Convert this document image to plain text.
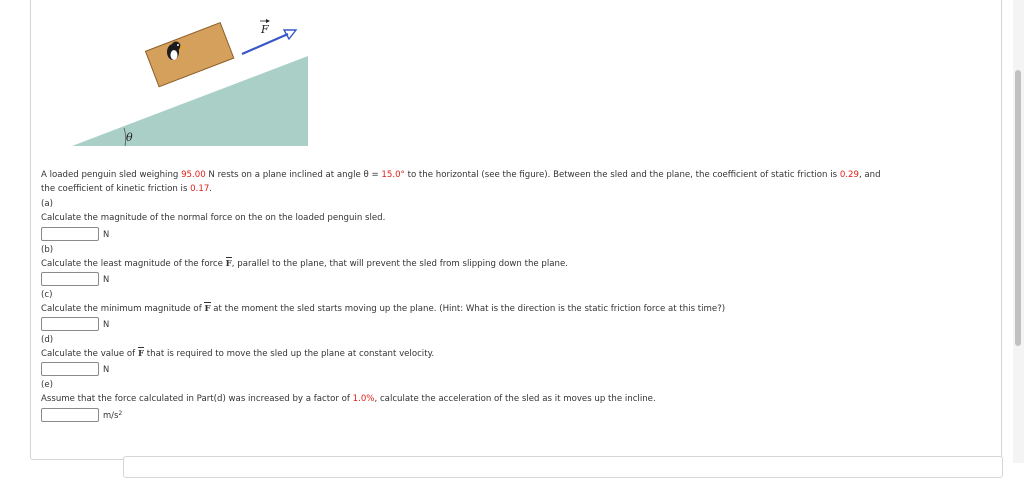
θ
F
A loaded penguin sled weighing 95.00 N rests on a plane inclined at angle θ = 15.0° to the horizontal (see the figure). Between the sled and the plane, the coefficient of static friction is 0.29, and
the coefficient of kinetic friction is 0.17.
(a)
Calculate the magnitude of the normal force on the on the loaded penguin sled.
N
(b)
Calculate the least magnitude of the force F, parallel to the plane, that will prevent the sled from slipping down the plane.
N
(c)
Calculate the minimum magnitude of F at the moment the sled starts moving up the plane. (Hint: What is the direction is the static friction force at this time?)
N
(d)
Calculate the value of F that is required to move the sled up the plane at constant velocity.
N
(e)
Assume that the force calculated in Part(d) was increased by a factor of 1.0%, calculate the acceleration of the sled as it moves up the incline.
$m/s^2$
